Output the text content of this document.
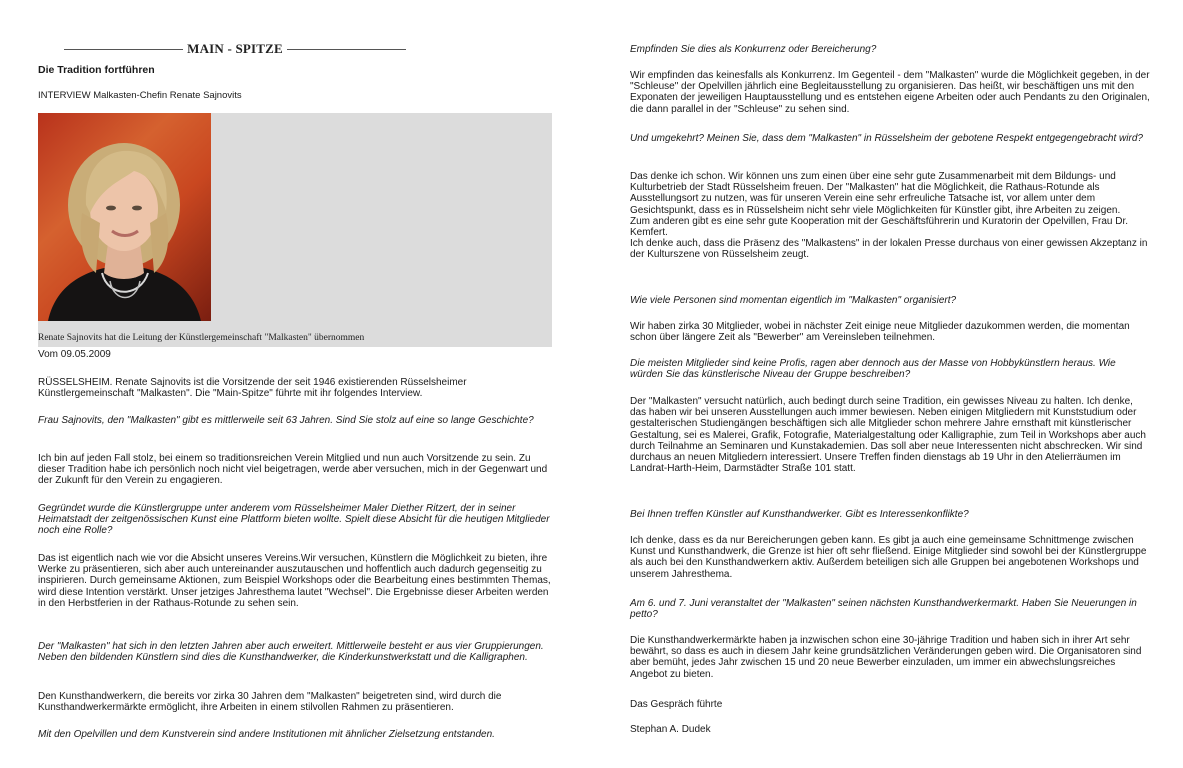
MAIN - SPITZE
Die Tradition fortführen
INTERVIEW Malkasten-Chefin Renate Sajnovits
Renate Sajnovits hat die Leitung der Künstlergemeinschaft "Malkasten" übernommen
Vom 09.05.2009

RÜSSELSHEIM. Renate Sajnovits ist die Vorsitzende der seit 1946 existierenden Rüsselsheimer Künstlergemeinschaft "Malkasten". Die "Main-Spitze" führte mit ihr folgendes Interview.

Frau Sajnovits, den "Malkasten" gibt es mittlerweile seit 63 Jahren. Sind Sie stolz auf eine so lange Geschichte?

Ich bin auf jeden Fall stolz, bei einem so traditionsreichen Verein Mitglied und nun auch Vorsitzende zu sein. Zu dieser Tradition habe ich persönlich noch nicht viel beigetragen, werde aber versuchen, mich in der Gegenwart und der Zukunft für den Verein zu engagieren.

Gegründet wurde die Künstlergruppe unter anderem vom Rüsselsheimer Maler Diether Ritzert, der in seiner Heimatstadt der zeitgenössischen Kunst eine Plattform bieten wollte. Spielt diese Absicht für die heutigen Mitglieder noch eine Rolle?

Das ist eigentlich nach wie vor die Absicht unseres Vereins.Wir versuchen, Künstlern die Möglichkeit zu bieten, ihre Werke zu präsentieren, sich aber auch untereinander auszutauschen und hoffentlich auch dadurch gegenseitig zu inspirieren. Durch gemeinsame Aktionen, zum Beispiel Workshops oder die Bearbeitung eines bestimmten Themas, wird diese Intention verstärkt. Unser jetziges Jahresthema lautet "Wechsel". Die Ergebnisse dieser Arbeiten werden in den Herbstferien in der Rathaus-Rotunde zu sehen sein.

Der "Malkasten" hat sich in den letzten Jahren aber auch erweitert. Mittlerweile besteht er aus vier Gruppierungen. Neben den bildenden Künstlern sind dies die Kunsthandwerker, die Kinderkunstwerkstatt und die Kalligraphen.

Den Kunsthandwerkern, die bereits vor zirka 30 Jahren dem "Malkasten" beigetreten sind, wird durch die Kunsthandwerkermärkte ermöglicht, ihre Arbeiten in einem stilvollen Rahmen zu präsentieren.

Mit den Opelvillen und dem Kunstverein sind andere Institutionen mit ähnlicher Zielsetzung entstanden.

Empfinden Sie dies als Konkurrenz oder Bereicherung?

Wir empfinden das keinesfalls als Konkurrenz. Im Gegenteil - dem "Malkasten" wurde die Möglichkeit gegeben, in der "Schleuse" der Opelvillen jährlich eine Begleitausstellung zu organisieren. Das heißt, wir beschäftigen uns mit den Exponaten der jeweiligen Hauptausstellung und es entstehen eigene Arbeiten oder auch Pendants zu den Originalen, die dann parallel in der "Schleuse" zu sehen sind.

Und umgekehrt? Meinen Sie, dass dem "Malkasten" in Rüsselsheim der gebotene Respekt entgegengebracht wird?

Das denke ich schon. Wir können uns zum einen über eine sehr gute Zusammenarbeit mit dem Bildungs- und Kulturbetrieb der Stadt Rüsselsheim freuen. Der "Malkasten" hat die Möglichkeit, die Rathaus-Rotunde als Ausstellungsort zu nutzen, was für unseren Verein eine sehr erfreuliche Tatsache ist, vor allem unter dem Gesichtspunkt, dass es in Rüsselsheim nicht sehr viele Möglichkeiten für Künstler gibt, ihre Arbeiten zu zeigen.
Zum anderen gibt es eine sehr gute Kooperation mit der Geschäftsführerin und Kuratorin der Opelvillen, Frau Dr. Kemfert.
Ich denke auch, dass die Präsenz des "Malkastens" in der lokalen Presse durchaus von einer gewissen Akzeptanz in der Kulturszene von Rüsselsheim zeugt.

Wie viele Personen sind momentan eigentlich im "Malkasten" organisiert?

Wir haben zirka 30 Mitglieder, wobei in nächster Zeit einige neue Mitglieder dazukommen werden, die momentan schon über längere Zeit als "Bewerber" am Vereinsleben teilnehmen.

Die meisten Mitglieder sind keine Profis, ragen aber dennoch aus der Masse von Hobbykünstlern heraus. Wie würden Sie das künstlerische Niveau der Gruppe beschreiben?

Der "Malkasten" versucht natürlich, auch bedingt durch seine Tradition, ein gewisses Niveau zu halten. Ich denke, das haben wir bei unseren Ausstellungen auch immer bewiesen. Neben einigen Mitgliedern mit Kunststudium oder gestalterischen Studiengängen beschäftigen sich alle Mitglieder schon mehrere Jahre ernsthaft mit künstlerischer Gestaltung, sei es Malerei, Grafik, Fotografie, Materialgestaltung oder Kalligraphie, zum Teil in Workshops aber auch durch Teilnahme an Seminaren und Kunstakademien. Das soll aber neue Interessenten nicht abschrecken. Wir sind durchaus an neuen Mitgliedern interessiert. Unsere Treffen finden dienstags ab 19 Uhr in den Atelierräumen im Landrat-Harth-Heim, Darmstädter Straße 101 statt.

Bei Ihnen treffen Künstler auf Kunsthandwerker. Gibt es Interessenkonflikte?

Ich denke, dass es da nur Bereicherungen geben kann. Es gibt ja auch eine gemeinsame Schnittmenge zwischen Kunst und Kunsthandwerk, die Grenze ist hier oft sehr fließend. Einige Mitglieder sind sowohl bei der Künstlergruppe als auch bei den Kunsthandwerkern aktiv. Außerdem beteiligen sich alle Gruppen bei angebotenen Workshops und unserem Jahresthema.

Am 6. und 7. Juni veranstaltet der "Malkasten" seinen nächsten Kunsthandwerkermarkt. Haben Sie Neuerungen in petto?

Die Kunsthandwerkermärkte haben ja inzwischen schon eine 30-jährige Tradition und haben sich in ihrer Art sehr bewährt, so dass es auch in diesem Jahr keine grundsätzlichen Veränderungen geben wird. Die Organisatoren sind aber bemüht, jedes Jahr zwischen 15 und 20 neue Bewerber einzuladen, um immer ein abwechslungsreiches Angebot zu bieten.

Das Gespräch führte

Stephan A. Dudek
